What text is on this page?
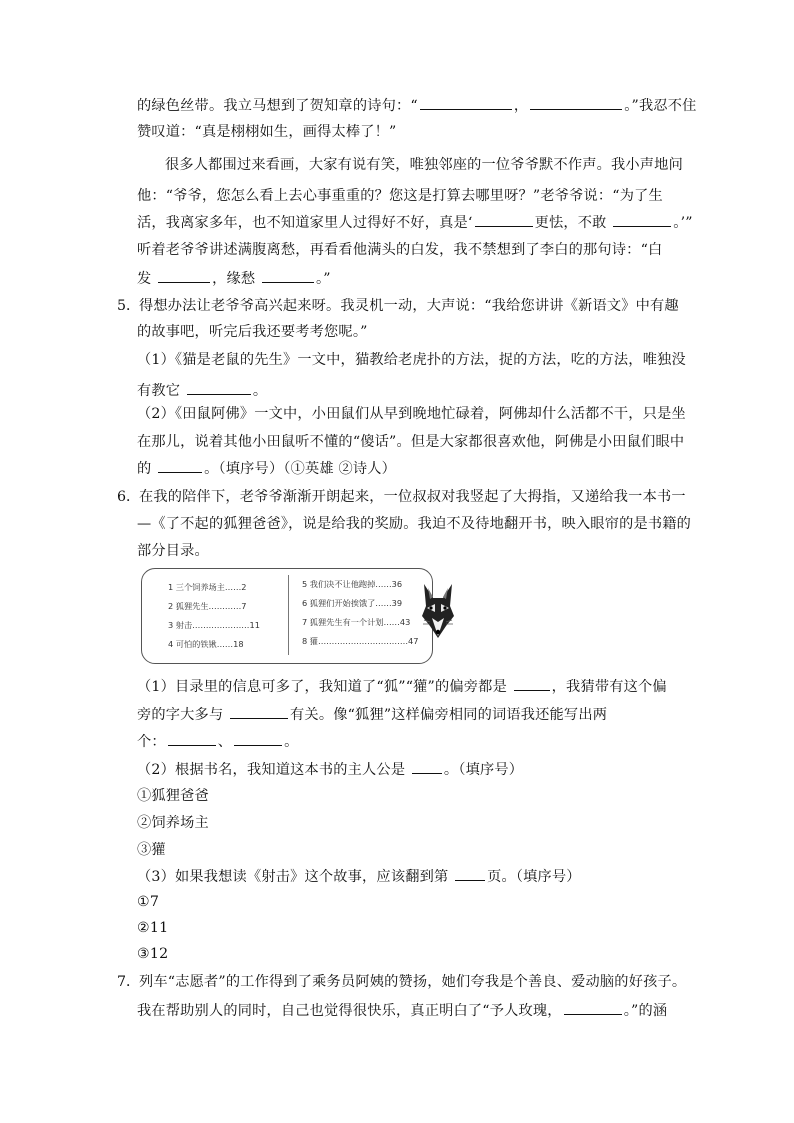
的绿色丝带。我立马想到了贺知章的诗句：“	，	。”我忍不住
赞叹道：“真是栩栩如生，画得太棒了！”
很多人都围过来看画，大家有说有笑，唯独邻座的一位爷爷默不作声。我小声地问
他：“爷爷，您怎么看上去心事重重的？您这是打算去哪里呀？”老爷爷说：“为了生
活，我离家多年，也不知道家里人过得好不好，真是‘	更怯，不敢	。’”
听着老爷爷讲述满腹离愁，再看看他满头的白发，我不禁想到了李白的那句诗：“白
发	，缘愁	。”
5．
得想办法让老爷爷高兴起来呀。我灵机一动，大声说：“我给您讲讲《新语文》中有趣
的故事吧，听完后我还要考考您呢。”
（1）《猫是老鼠的先生》一文中，猫教给老虎扑的方法，捉的方法，吃的方法，唯独没
有教它	。
（2）《田鼠阿佛》一文中，小田鼠们从早到晚地忙碌着，阿佛却什么活都不干，只是坐
在那儿，说着其他小田鼠听不懂的“傻话”。但是大家都很喜欢他，阿佛是小田鼠们眼中
的	。（填序号）（①英雄 ②诗人）
6．
在我的陪伴下，老爷爷渐渐开朗起来，一位叔叔对我竖起了大拇指，又递给我一本书一
—《了不起的狐狸爸爸》，说是给我的奖励。我迫不及待地翻开书，映入眼帘的是书籍的
部分目录。
1 三个饲养场主……2
2 狐狸先生…………7
3 射击…………………11
4 可怕的铁锹……18
5 我们决不让他跑掉……36
6 狐狸们开始挨饿了……39
7 狐狸先生有一个计划……43
8 獾……………………………47
（1）目录里的信息可多了，我知道了“狐”“獾”的偏旁都是	，我猜带有这个偏
旁的字大多与	有关。像“狐狸”这样偏旁相同的词语我还能写出两
个：	、	。
（2）根据书名，我知道这本书的主人公是 。（填序号）
①狐狸爸爸
②饲养场主
③獾
（3）如果我想读《射击》这个故事，应该翻到第 页。（填序号）
①7
②11
③12
7．
列车“志愿者”的工作得到了乘务员阿姨的赞扬，她们夸我是个善良、爱动脑的好孩子。
我在帮助别人的同时，自己也觉得很快乐，真正明白了“予人玫瑰，	。”的涵
